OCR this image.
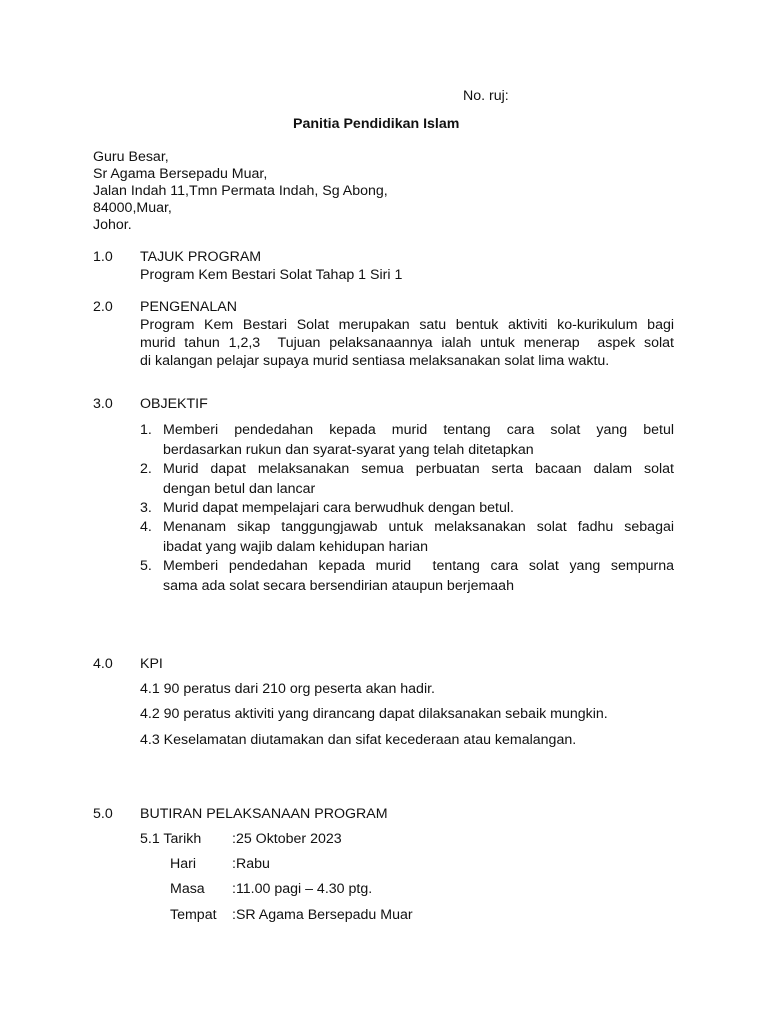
No. ruj:
Panitia Pendidikan Islam
Guru Besar,
Sr Agama Bersepadu Muar,
Jalan Indah 11,Tmn Permata Indah, Sg Abong,
84000,Muar,
Johor.
1.0 TAJUK PROGRAM
Program Kem Bestari Solat Tahap 1 Siri 1
2.0 PENGENALAN
Program Kem Bestari Solat merupakan satu bentuk aktiviti ko-kurikulum bagi
murid tahun 1,2,3  Tujuan pelaksanaannya ialah untuk menerap  aspek solat
di kalangan pelajar supaya murid sentiasa melaksanakan solat lima waktu.
3.0 OBJEKTIF
1. Memberi pendedahan kepada murid tentang cara solat yang betul
berdasarkan rukun dan syarat-syarat yang telah ditetapkan
2. Murid dapat melaksanakan semua perbuatan serta bacaan dalam solat
dengan betul dan lancar
3. Murid dapat mempelajari cara berwudhuk dengan betul.
4. Menanam sikap tanggungjawab untuk melaksanakan solat fadhu sebagai
ibadat yang wajib dalam kehidupan harian
5. Memberi pendedahan kepada murid  tentang cara solat yang sempurna
sama ada solat secara bersendirian ataupun berjemaah
4.0 KPI
4.1 90 peratus dari 210 org peserta akan hadir.
4.2 90 peratus aktiviti yang dirancang dapat dilaksanakan sebaik mungkin.
4.3 Keselamatan diutamakan dan sifat kecederaan atau kemalangan.
5.0 BUTIRAN PELAKSANAAN PROGRAM
5.1 Tarikh	:25 Oktober 2023
Hari	:Rabu
Masa	:11.00 pagi – 4.30 ptg.
Tempat	:SR Agama Bersepadu Muar
